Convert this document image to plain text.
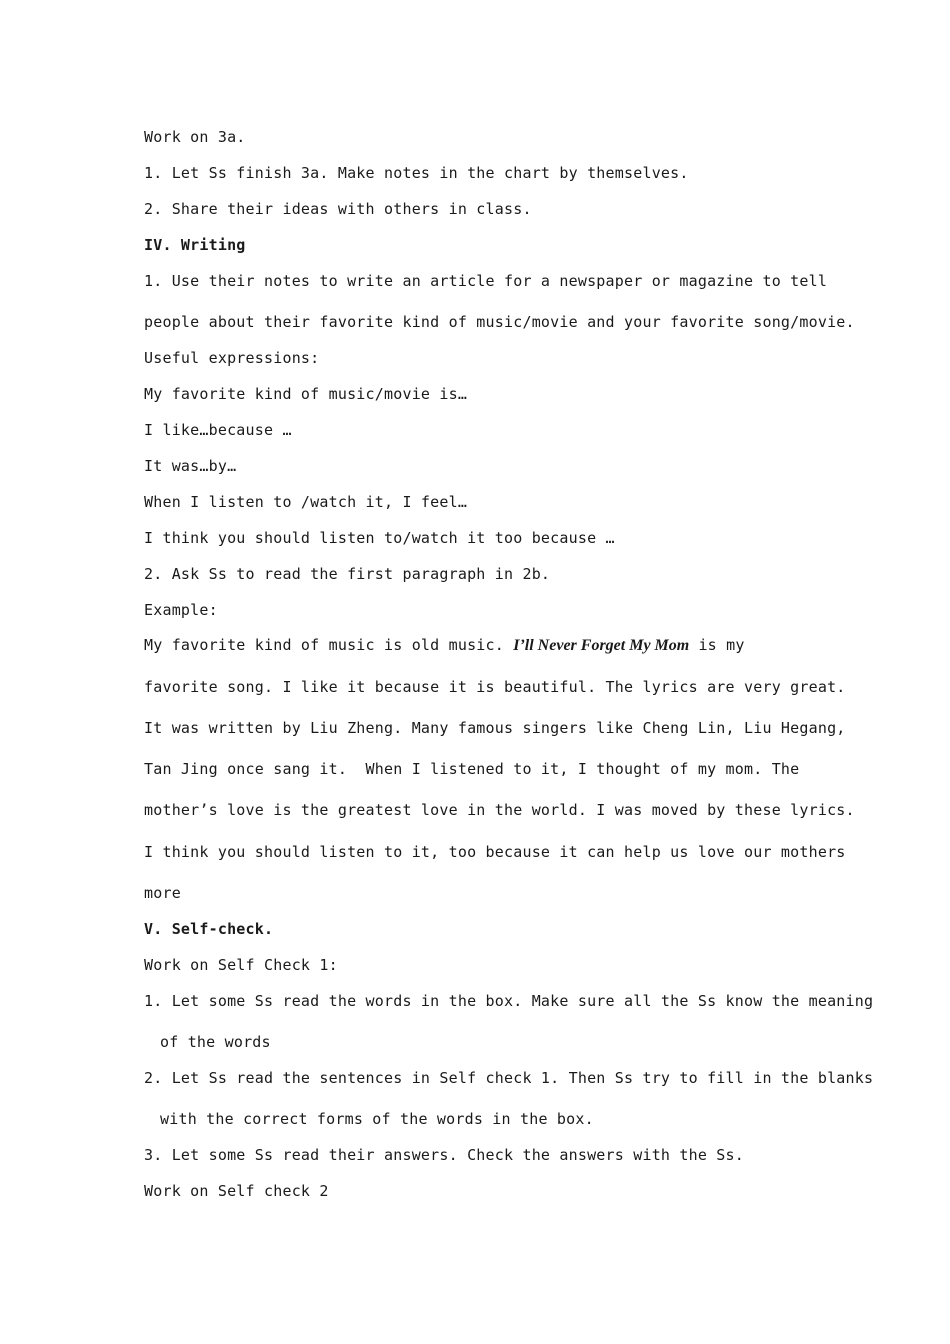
Work on 3a.
1. Let Ss finish 3a. Make notes in the chart by themselves.
2. Share their ideas with others in class.
IV. Writing
1. Use their notes to write an article for a newspaper or magazine to tell
people about their favorite kind of music/movie and your favorite song/movie.
Useful expressions:
My favorite kind of music/movie is…
I like…because …
It was…by…
When I listen to /watch it, I feel…
I think you should listen to/watch it too because …
2. Ask Ss to read the first paragraph in 2b.
Example:
My favorite kind of music is old music. I’ll Never Forget My Mom is my
favorite song. I like it because it is beautiful. The lyrics are very great.
It was written by Liu Zheng. Many famous singers like Cheng Lin, Liu Hegang,
Tan Jing once sang it.  When I listened to it, I thought of my mom. The
mother’s love is the greatest love in the world. I was moved by these lyrics.
I think you should listen to it, too because it can help us love our mothers
more
V. Self-check.
Work on Self Check 1:
1. Let some Ss read the words in the box. Make sure all the Ss know the meaning
of the words
2. Let Ss read the sentences in Self check 1. Then Ss try to fill in the blanks
with the correct forms of the words in the box.
3. Let some Ss read their answers. Check the answers with the Ss.
Work on Self check 2
